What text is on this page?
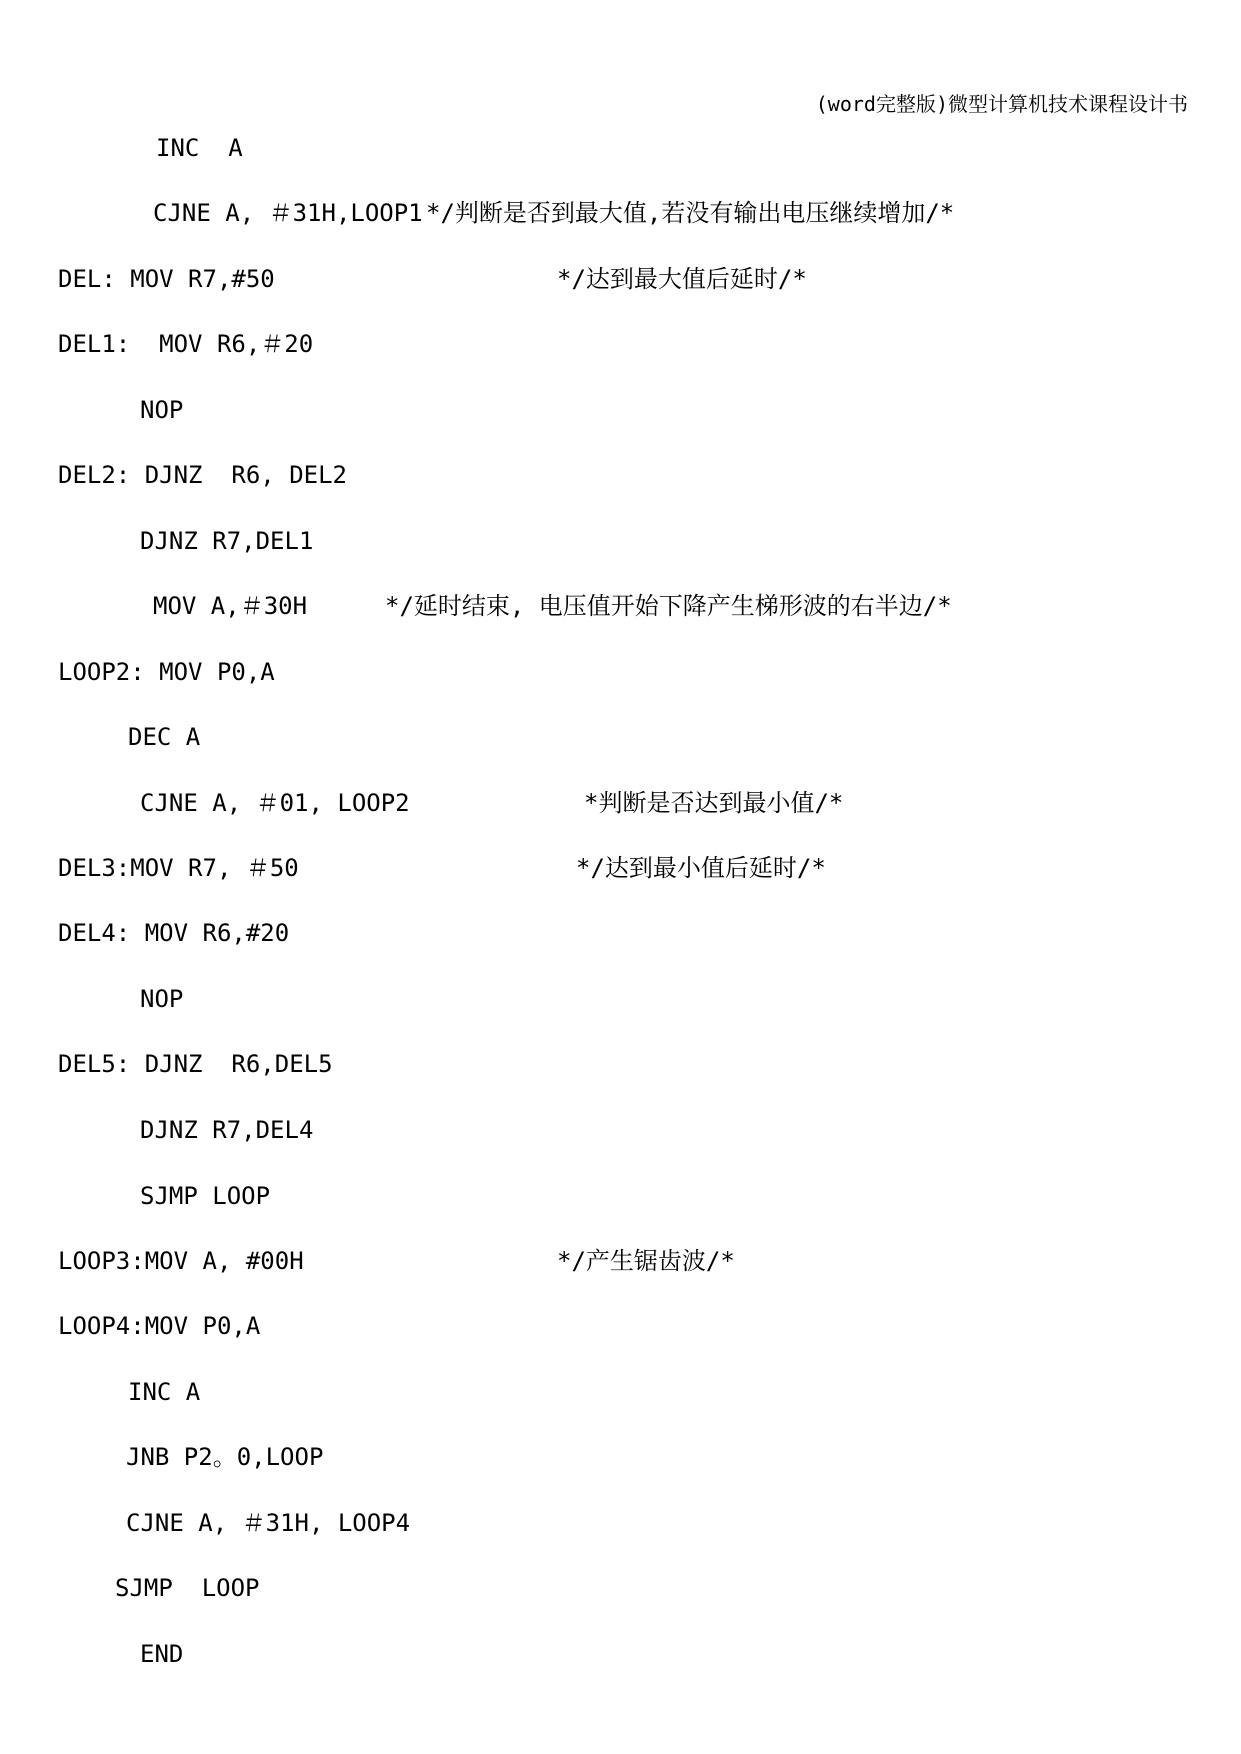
(word完整版)微型计算机技术课程设计书

INC  A

CJNE A, ＃31H,LOOP1

*/判断是否到最大值,若没有输出电压继续增加/*

DEL: MOV R7,#50

	*/达到最大值后延时/*

DEL1:  MOV R6,＃20

NOP

DEL2: DJNZ  R6, DEL2

DJNZ R7,DEL1

MOV A,＃30H

	*/延时结束, 电压值开始下降产生梯形波的右半边/*

LOOP2: MOV P0,A

DEC A

CJNE A, ＃01, LOOP2

	*判断是否达到最小值/*

DEL3:MOV R7, ＃50

	*/达到最小值后延时/*

DEL4: MOV R6,#20

NOP

DEL5: DJNZ  R6,DEL5

DJNZ R7,DEL4

SJMP LOOP

LOOP3:MOV A, #00H

	*/产生锯齿波/*

LOOP4:MOV P0,A

INC A

JNB P2。0,LOOP

CJNE A, ＃31H, LOOP4

SJMP  LOOP

END
